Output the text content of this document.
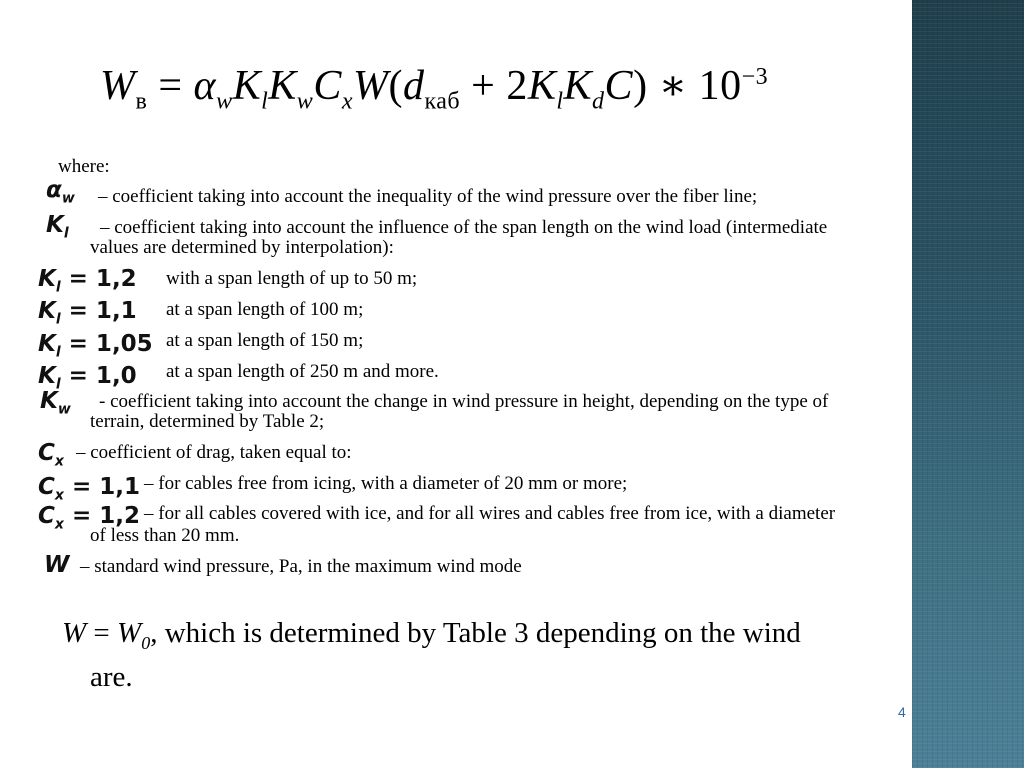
$W_в = \alpha_wK_lK_wC_xW(d_{каб} + 2K_lK_dC)$ ∗ $10^{-3}$
where:
$\alpha_w$ – coefficient taking into account the inequality of the wind pressure over the fiber line;
$K_l$ – coefficient taking into account the influence of the span length on the wind load (intermediate
values are determined by interpolation):
$K_l = 1,2$ with a span length of up to 50 m;
$K_l = 1,1$ at a span length of 100 m;
$K_l = 1,05$ at a span length of 150 m;
$K_l = 1,0$ at a span length of 250 m and more.
$K_w$ - coefficient taking into account the change in wind pressure in height, depending on the type of
terrain, determined by Table 2;
$C_x$ – coefficient of drag, taken equal to:
$C_x = 1,1$ – for cables free from icing, with a diameter of 20 mm or more;
$C_x = 1,2$ – for all cables covered with ice, and for all wires and cables free from ice, with a diameter
of less than 20 mm.
W – standard wind pressure, Pa, in the maximum wind mode
$W = W_0$, which is determined by Table 3 depending on the wind
are.
4
